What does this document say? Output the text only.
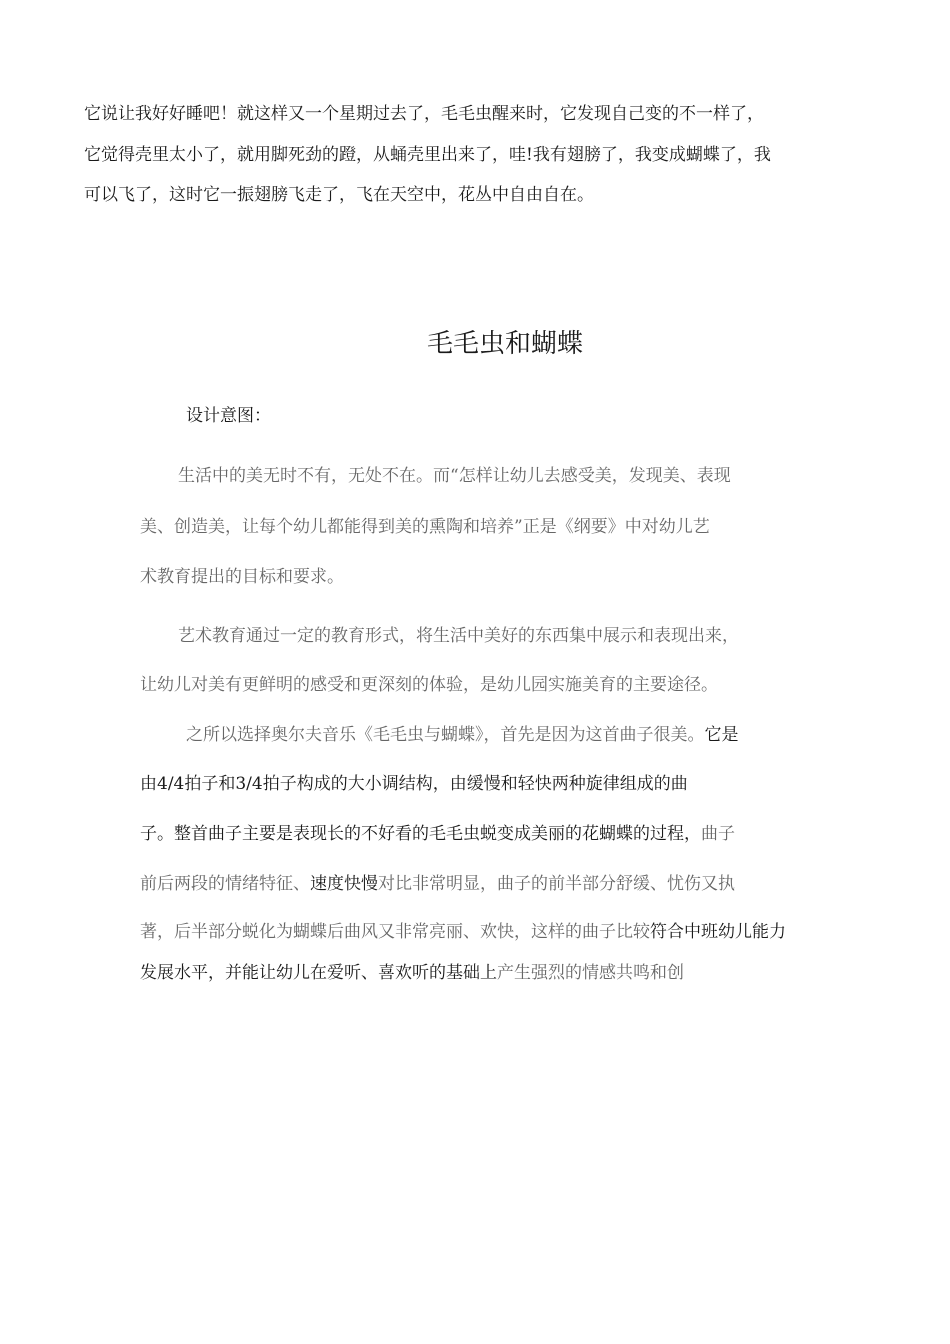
它说让我好好睡吧！就这样又一个星期过去了，毛毛虫醒来时，它发现自己变的不一样了，
它觉得壳里太小了，就用脚死劲的蹬，从蛹壳里出来了，哇!我有翅膀了，我变成蝴蝶了，我
可以飞了，这时它一振翅膀飞走了，飞在天空中，花丛中自由自在。
毛毛虫和蝴蝶
设计意图：
生活中的美无时不有，无处不在。而“怎样让幼儿去感受美，发现美、表现
美、创造美，让每个幼儿都能得到美的熏陶和培养”正是《纲要》中对幼儿艺
术教育提出的目标和要求。
艺术教育通过一定的教育形式，将生活中美好的东西集中展示和表现出来，
让幼儿对美有更鲜明的感受和更深刻的体验，是幼儿园实施美育的主要途径。
之所以选择奥尔夫音乐《毛毛虫与蝴蝶》，首先是因为这首曲子很美。它是
由4/4拍子和3/4拍子构成的大小调结构，由缓慢和轻快两种旋律组成的曲
子。整首曲子主要是表现长的不好看的毛毛虫蜕变成美丽的花蝴蝶的过程，曲子
前后两段的情绪特征、速度快慢对比非常明显，曲子的前半部分舒缓、忧伤又执
著，后半部分蜕化为蝴蝶后曲风又非常亮丽、欢快，这样的曲子比较符合中班幼儿能力
发展水平，并能让幼儿在爱听、喜欢听的基础上产生强烈的情感共鸣和创
